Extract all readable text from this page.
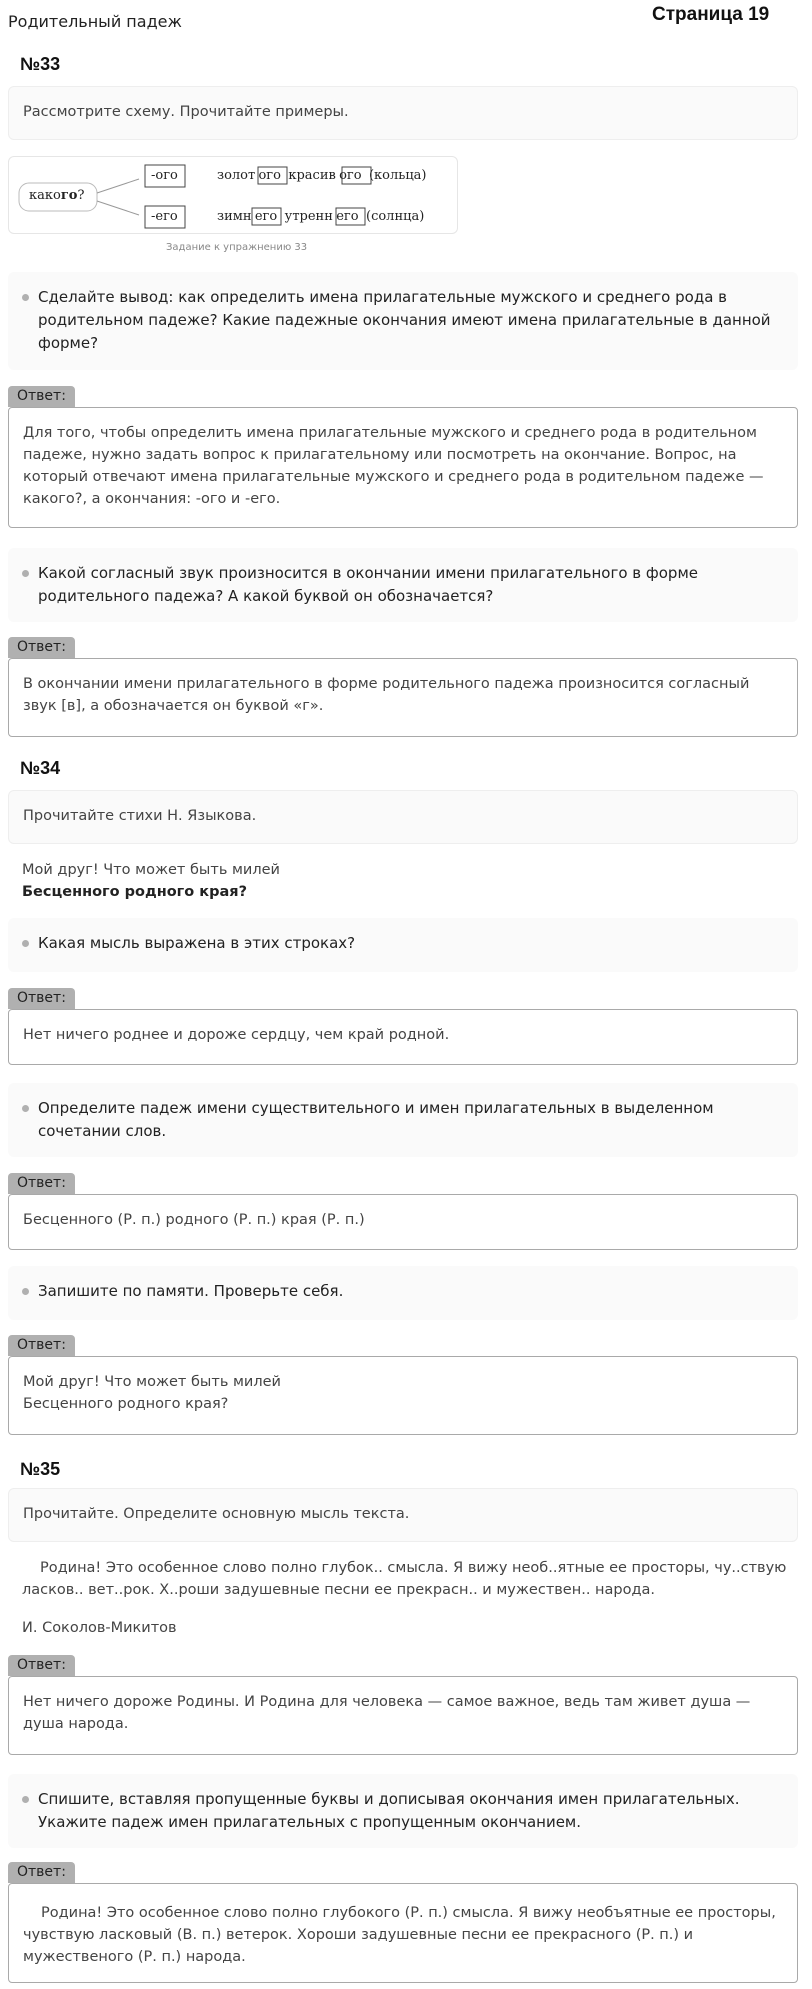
Родительный падеж	Страница 19
№33
Рассмотрите схему. Прочитайте примеры.
какого?
-ого
-его
золот ого красив ого (кольца)
зимн его утренн его (солнца)
Задание к упражнению 33
Сделайте вывод: как определить имена прилагательные мужского и среднего рода в родительном падеже? Какие падежные окончания имеют имена прилагательные в данной форме?
Ответ:
Для того, чтобы определить имена прилагательные мужского и среднего рода в родительном падеже, нужно задать вопрос к прилагательному или посмотреть на окончание. Вопрос, на который отвечают имена прилагательные мужского и среднего рода в родительном падеже — какого?, а окончания: -ого и -его.
Какой согласный звук произносится в окончании имени прилагательного в форме родительного падежа? А какой буквой он обозначается?
Ответ:
В окончании имени прилагательного в форме родительного падежа произносится согласный звук [в], а обозначается он буквой «г».
№34
Прочитайте стихи Н. Языкова.
Мой друг! Что может быть милей
Бесценного родного края?
Какая мысль выражена в этих строках?
Ответ:
Нет ничего роднее и дороже сердцу, чем край родной.
Определите падеж имени существительного и имен прилагательных в выделенном сочетании слов.
Ответ:
Бесценного (Р. п.) родного (Р. п.) края (Р. п.)
Запишите по памяти. Проверьте себя.
Ответ:
Мой друг! Что может быть милей
Бесценного родного края?
№35
Прочитайте. Определите основную мысль текста.
Родина! Это особенное слово полно глубок.. смысла. Я вижу необ..ятные ее просторы, чу..ствую ласков.. вет..рок. Х..роши задушевные песни ее прекрасн.. и мужествен.. народа.
И. Соколов-Микитов
Ответ:
Нет ничего дороже Родины. И Родина для человека — самое важное, ведь там живет душа — душа народа.
Спишите, вставляя пропущенные буквы и дописывая окончания имен прилагательных. Укажите падеж имен прилагательных с пропущенным окончанием.
Ответ:
Родина! Это особенное слово полно глубокого (Р. п.) смысла. Я вижу необъятные ее просторы, чувствую ласковый (В. п.) ветерок. Хороши задушевные песни ее прекрасного (Р. п.) и мужественого (Р. п.) народа.
